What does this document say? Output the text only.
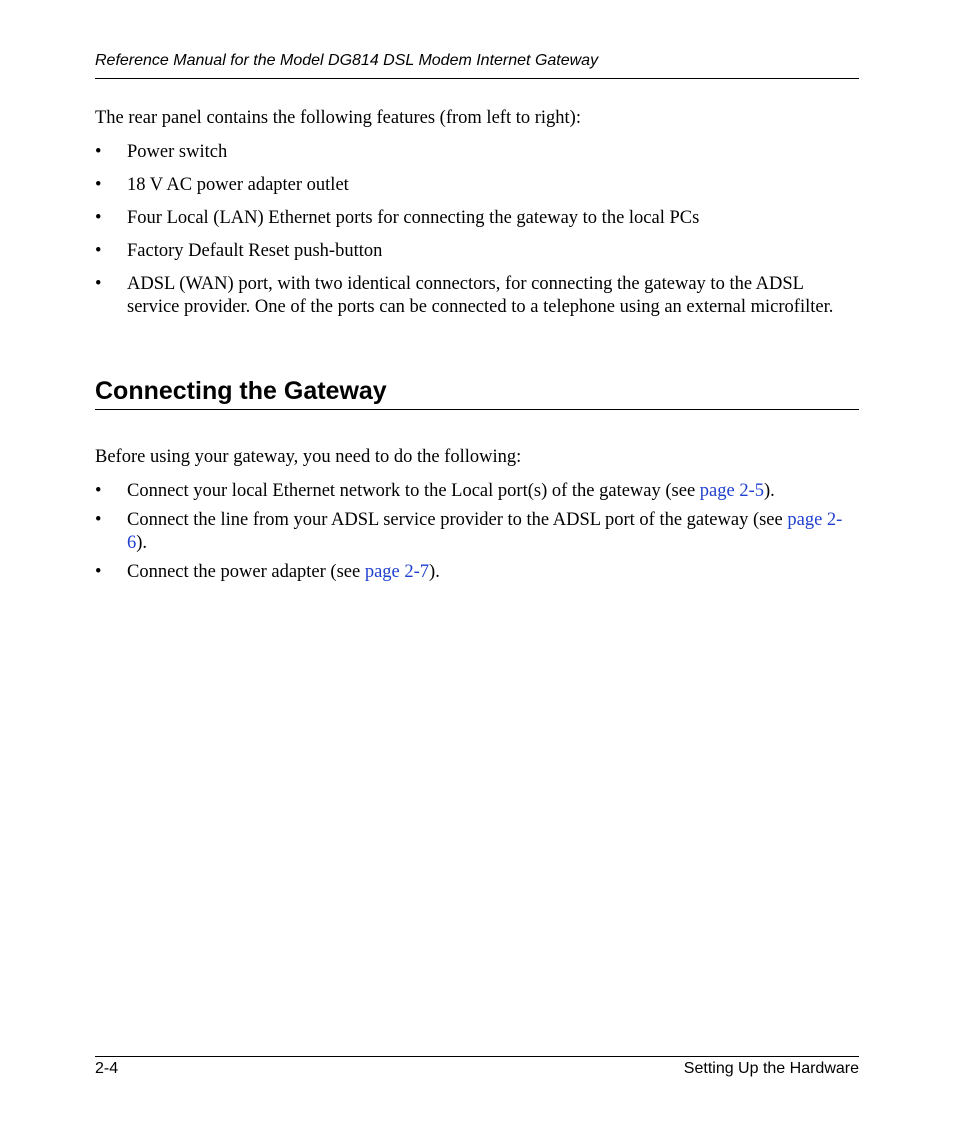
Reference Manual for the Model DG814 DSL Modem Internet Gateway

The rear panel contains the following features (from left to right):

• Power switch
• 18 V AC power adapter outlet
• Four Local (LAN) Ethernet ports for connecting the gateway to the local PCs
• Factory Default Reset push-button
• ADSL (WAN) port, with two identical connectors, for connecting the gateway to the ADSL service provider. One of the ports can be connected to a telephone using an external microfilter.
Connecting the Gateway

Before using your gateway, you need to do the following:

• Connect your local Ethernet network to the Local port(s) of the gateway (see page 2-5).
• Connect the line from your ADSL service provider to the ADSL port of the gateway (see page 2-6).
• Connect the power adapter (see page 2-7).
2-4	Setting Up the Hardware
